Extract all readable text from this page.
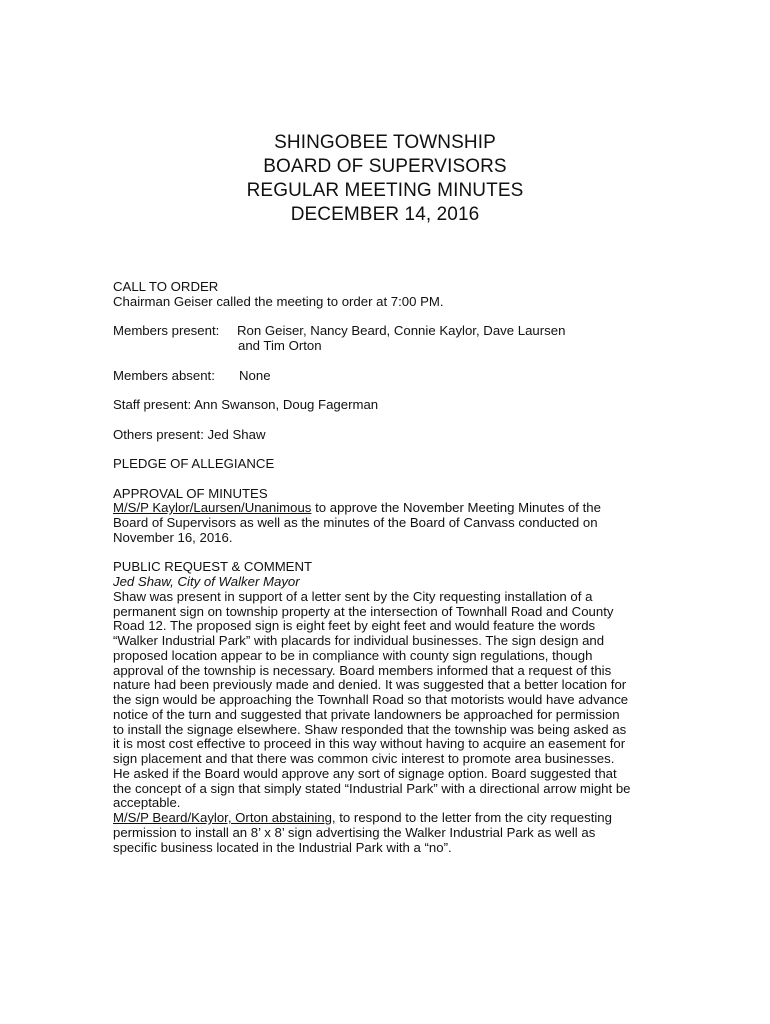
SHINGOBEE TOWNSHIP
BOARD OF SUPERVISORS
REGULAR MEETING MINUTES
DECEMBER 14, 2016
CALL TO ORDER
Chairman Geiser called the meeting to order at 7:00 PM.
Members present: Ron Geiser, Nancy Beard, Connie Kaylor, Dave Laursen
and Tim Orton
Members absent: None
Staff present: Ann Swanson, Doug Fagerman
Others present: Jed Shaw
PLEDGE OF ALLEGIANCE
APPROVAL OF MINUTES
M/S/P Kaylor/Laursen/Unanimous to approve the November Meeting Minutes of the
Board of Supervisors as well as the minutes of the Board of Canvass conducted on
November 16, 2016.
PUBLIC REQUEST & COMMENT
Jed Shaw, City of Walker Mayor
Shaw was present in support of a letter sent by the City requesting installation of a
permanent sign on township property at the intersection of Townhall Road and County
Road 12. The proposed sign is eight feet by eight feet and would feature the words
“Walker Industrial Park” with placards for individual businesses. The sign design and
proposed location appear to be in compliance with county sign regulations, though
approval of the township is necessary. Board members informed that a request of this
nature had been previously made and denied. It was suggested that a better location for
the sign would be approaching the Townhall Road so that motorists would have advance
notice of the turn and suggested that private landowners be approached for permission
to install the signage elsewhere. Shaw responded that the township was being asked as
it is most cost effective to proceed in this way without having to acquire an easement for
sign placement and that there was common civic interest to promote area businesses.
He asked if the Board would approve any sort of signage option. Board suggested that
the concept of a sign that simply stated “Industrial Park” with a directional arrow might be
acceptable.
M/S/P Beard/Kaylor, Orton abstaining, to respond to the letter from the city requesting
permission to install an 8’ x 8’ sign advertising the Walker Industrial Park as well as
specific business located in the Industrial Park with a “no”.
